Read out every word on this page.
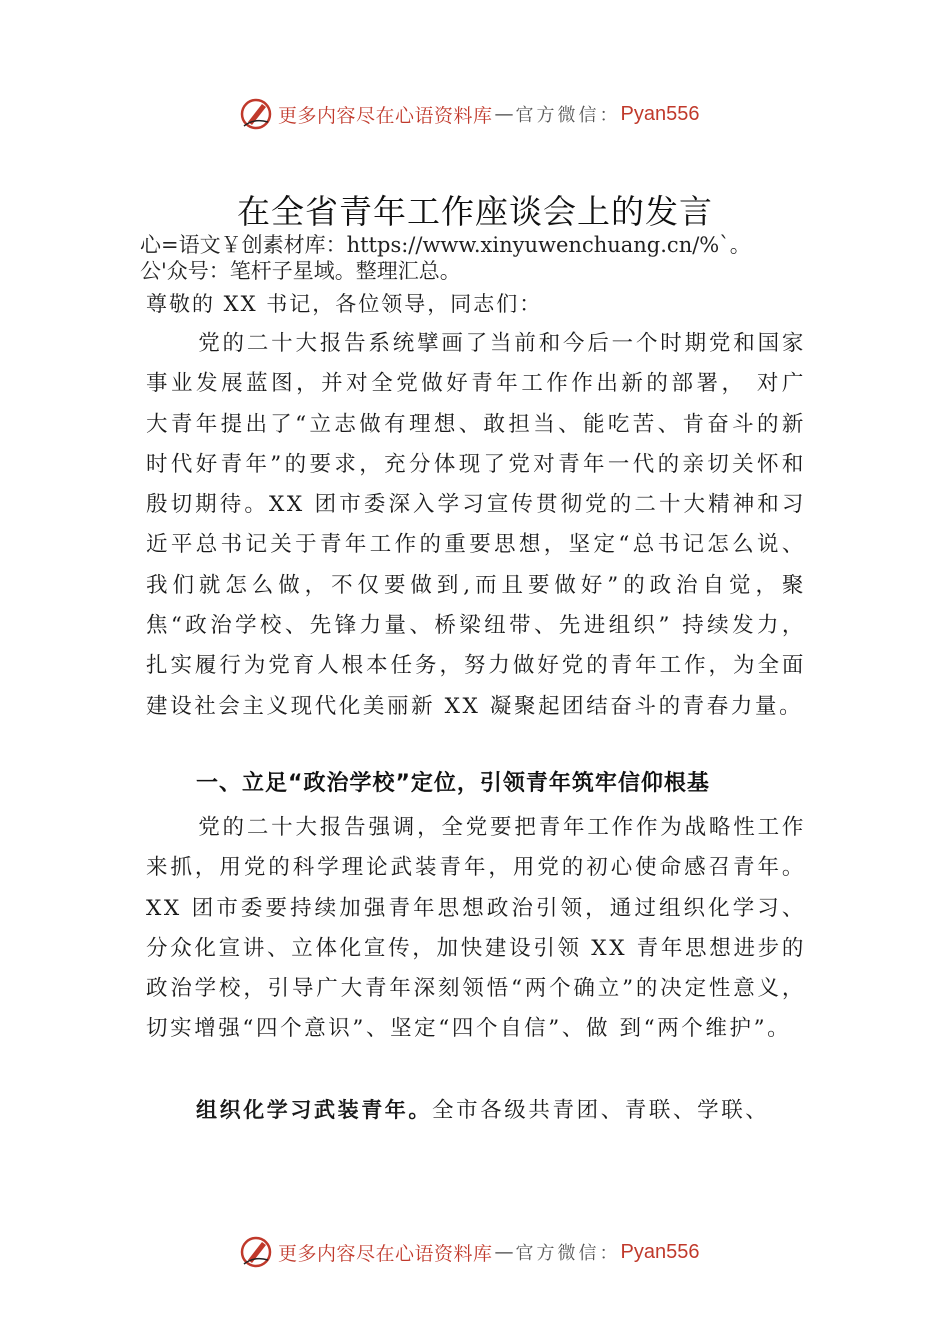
更多内容尽在心语资料库 — 官方微信： Pyan556
在全省青年工作座谈会上的发言
心=语文￥创素材库：https://www.xinyuwenchuang.cn/%`。
公'众号：笔杆子星域。整理汇总。
尊敬的 XX 书记，各位领导，同志们：
党的二十大报告系统擘画了当前和今后一个时期党和国家事业发展蓝图，并对全党做好青年工作作出新的部署， 对广大青年提出了“立志做有理想、敢担当、能吃苦、肯奋斗的新时代好青年”的要求，充分体现了党对青年一代的亲切关怀和殷切期待。XX 团市委深入学习宣传贯彻党的二十大精神和习近平总书记关于青年工作的重要思想，坚定“总书记怎么说、我们就怎么做，不仅要做到,而且要做好”的政治自觉，聚焦“政治学校、先锋力量、桥梁纽带、先进组织” 持续发力，扎实履行为党育人根本任务，努力做好党的青年工作，为全面建设社会主义现代化美丽新 XX 凝聚起团结奋斗的青春力量。
一、立足“政治学校”定位，引领青年筑牢信仰根基
党的二十大报告强调，全党要把青年工作作为战略性工作来抓，用党的科学理论武装青年，用党的初心使命感召青年。XX 团市委要持续加强青年思想政治引领，通过组织化学习、分众化宣讲、立体化宣传，加快建设引领 XX 青年思想进步的政治学校，引导广大青年深刻领悟“两个确立”的决定性意义，切实增强“四个意识”、坚定“四个自信”、做 到“两个维护”。
组织化学习武装青年。全市各级共青团、青联、学联、
更多内容尽在心语资料库 — 官方微信： Pyan556
